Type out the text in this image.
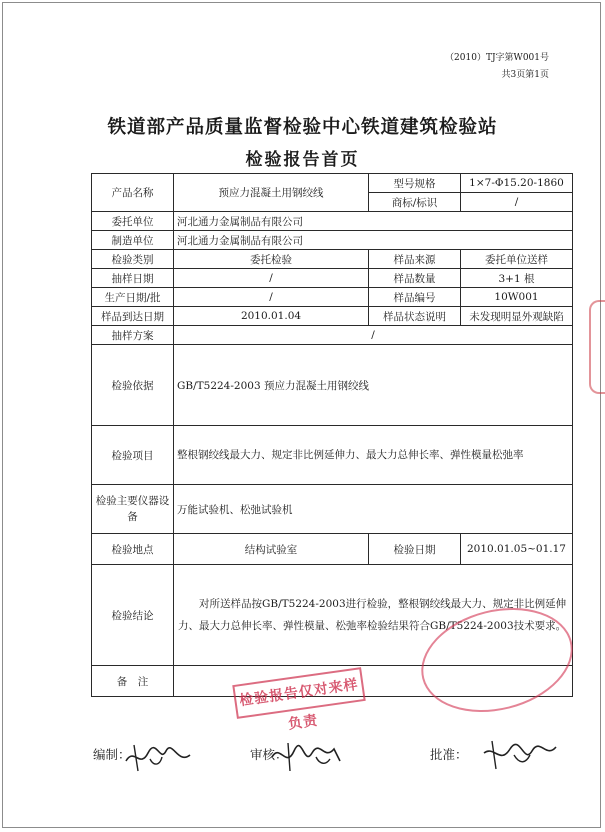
（2010）TJ字第W001号
共3页第1页
铁道部产品质量监督检验中心铁道建筑检验站
检验报告首页
产品名称	预应力混凝土用钢绞线	型号规格	1×7-Φ15.20-1860
		商标/标识	/
委托单位	河北通力金属制品有限公司		
制造单位	河北通力金属制品有限公司		
检验类别	委托检验	样品来源	委托单位送样
抽样日期	/	样品数量	3+1 根
生产日期/批	/	样品编号	10W001
样品到达日期	2010.01.04	样品状态说明	未发现明显外观缺陷
抽样方案	/		
检验依据	GB/T5224-2003 预应力混凝土用钢绞线		
检验项目	整根钢绞线最大力、规定非比例延伸力、最大力总伸长率、弹性模量松弛率		
检验主要仪器设备	万能试验机、松弛试验机		
检验地点	结构试验室	检验日期	2010.01.05~01.17
检验结论	对所送样品按GB/T5224-2003进行检验，整根钢绞线最大力、规定非比例延伸力、最大力总伸长率、弹性模量、松弛率检验结果符合GB/T5224-2003技术要求。		
备　注				检验报告仅对来样负责
编制：	审核：	批准：
